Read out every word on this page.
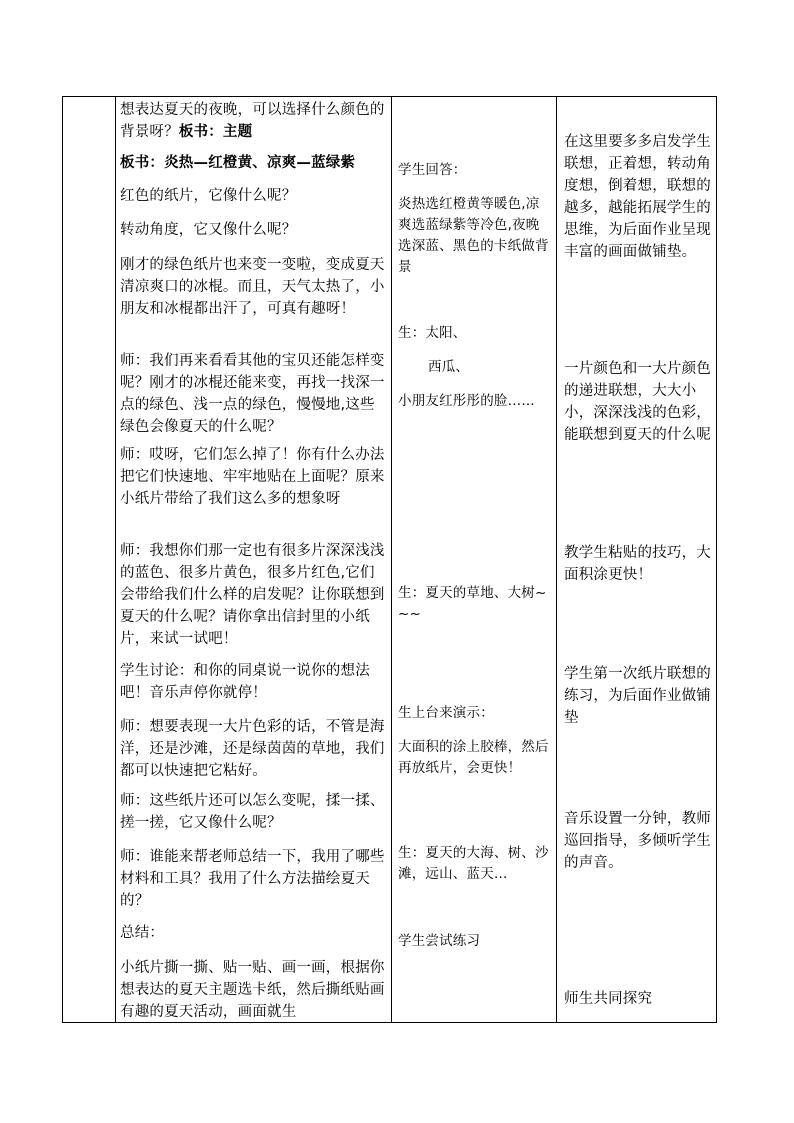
想表达夏天的夜晚，可以选择什么颜色的背景呀？板书：主题
板书：炎热—红橙黄、凉爽—蓝绿紫
红色的纸片，它像什么呢？
转动角度，它又像什么呢？
刚才的绿色纸片也来变一变啦，变成夏天清凉爽口的冰棍。而且，天气太热了，小朋友和冰棍都出汗了，可真有趣呀！
师：我们再来看看其他的宝贝还能怎样变呢？刚才的冰棍还能来变，再找一找深一点的绿色、浅一点的绿色，慢慢地,这些绿色会像夏天的什么呢？
师：哎呀，它们怎么掉了！你有什么办法把它们快速地、牢牢地贴在上面呢？原来小纸片带给了我们这么多的想象呀
师：我想你们那一定也有很多片深深浅浅的蓝色、很多片黄色，很多片红色,它们会带给我们什么样的启发呢？让你联想到夏天的什么呢？请你拿出信封里的小纸片，来试一试吧！
学生讨论：和你的同桌说一说你的想法吧！音乐声停你就停！
师：想要表现一大片色彩的话，不管是海洋，还是沙滩，还是绿茵茵的草地，我们都可以快速把它粘好。
师：这些纸片还可以怎么变呢，揉一揉、搓一搓，它又像什么呢？
师：谁能来帮老师总结一下，我用了哪些材料和工具？我用了什么方法描绘夏天的？
总结：
小纸片撕一撕、贴一贴、画一画，根据你想表达的夏天主题选卡纸，然后撕纸贴画有趣的夏天活动，画面就生
学生回答：
炎热选红橙黄等暖色,凉爽选蓝绿紫等冷色,夜晚选深蓝、黑色的卡纸做背景
生：太阳、
西瓜、
小朋友红彤彤的脸……
生：夏天的草地、大树~~~
生上台来演示：
大面积的涂上胶棒，然后再放纸片，会更快！
生：夏天的大海、树、沙滩，远山、蓝天…
学生尝试练习
在这里要多多启发学生联想，正着想，转动角度想，倒着想，联想的越多，越能拓展学生的思维，为后面作业呈现丰富的画面做铺垫。
一片颜色和一大片颜色的递进联想，大大小小，深深浅浅的色彩，能联想到夏天的什么呢
教学生粘贴的技巧，大面积涂更快！
学生第一次纸片联想的练习，为后面作业做铺垫
音乐设置一分钟，教师巡回指导，多倾听学生的声音。
师生共同探究
